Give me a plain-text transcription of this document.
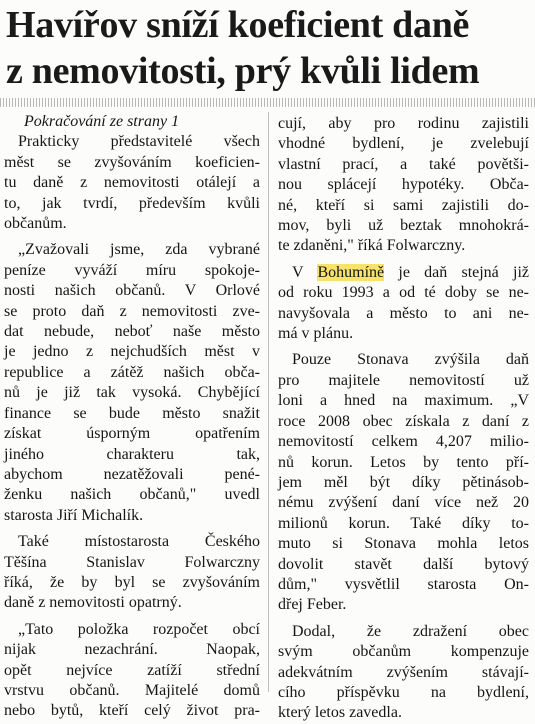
Havířov sníží koeficient daně
z nemovitosti, prý kvůli lidem

Pokračování ze strany 1

Prakticky představitelé všech
měst se zvyšováním koeficien-
tu daně z nemovitosti otálejí a
to, jak tvrdí, především kvůli
občanům.

„Zvažovali jsme, zda vybrané
peníze vyváží míru spokoje-
nosti našich občanů. V Orlové
se proto daň z nemovitosti zve-
dat nebude, neboť naše město
je jedno z nejchudších měst v
republice a zátěž našich obča-
nů je již tak vysoká. Chybějící
finance se bude město snažit
získat úsporným opatřením
jiného charakteru tak,
abychom nezatěžovali pené-
ženku našich občanů," uvedl
starosta Jiří Michalík.

Také místostarosta Českého
Těšína Stanislav Folwarczny
říká, že by byl se zvyšováním
daně z nemovitosti opatrný.

„Tato položka rozpočet obcí
nijak nezachrání. Naopak,
opět nejvíce zatíží střední
vrstvu občanů. Majitelé domů
nebo bytů, kteří celý život pra-

cují, aby pro rodinu zajistili
vhodné bydlení, je zvelebují
vlastní prací, a také povětši-
nou splácejí hypotéky. Obča-
né, kteří si sami zajistili do-
mov, byli už beztak mnohokrá-
te zdaněni," říká Folwarczny.

V Bohumíně je daň stejná již
od roku 1993 a od té doby se ne-
navyšovala a město to ani ne-
má v plánu.

Pouze Stonava zvýšila daň
pro majitele nemovitostí už
loni a hned na maximum. „V
roce 2008 obec získala z daní z
nemovitostí celkem 4,207 milio-
nů korun. Letos by tento pří-
jem měl být díky pětinásob-
nému zvýšení daní více než 20
milionů korun. Také díky to-
muto si Stonava mohla letos
dovolit stavět další bytový
dům," vysvětlil starosta On-
dřej Feber.

Dodal, že zdražení obec
svým občanům kompenzuje
adekvátním zvýšením stávají-
cího příspěvku na bydlení,
který letos zavedla.
